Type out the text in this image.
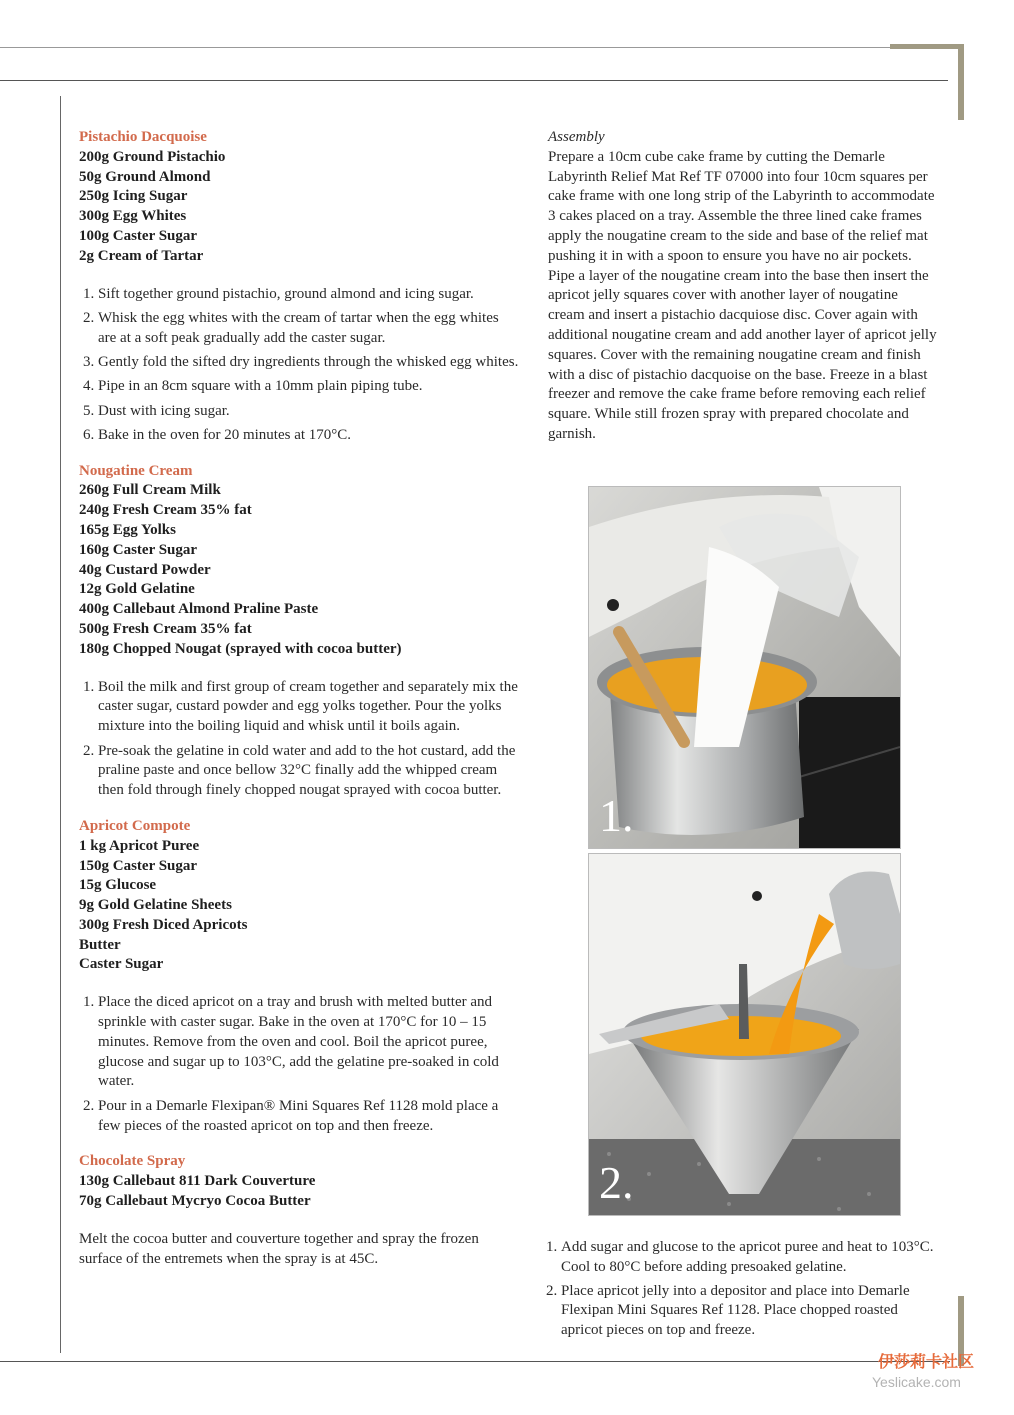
Pistachio Dacquoise

200g Ground Pistachio

50g Ground Almond

250g Icing Sugar

300g Egg Whites

100g Caster Sugar

2g Cream of Tartar

1. Sift together ground pistachio, ground almond and icing sugar.
2. Whisk the egg whites with the cream of tartar when the egg whites are at a soft peak gradually add the caster sugar.
3. Gently fold the sifted dry ingredients through the whisked egg whites.
4. Pipe in an 8cm square with a 10mm plain piping tube.
5. Dust with icing sugar.
6. Bake in the oven for 20 minutes at 170°C.

Nougatine Cream

260g Full Cream Milk

240g Fresh Cream 35% fat

165g Egg Yolks

160g Caster Sugar

40g Custard Powder

12g Gold Gelatine

400g Callebaut Almond Praline Paste

500g Fresh Cream 35% fat

180g Chopped Nougat (sprayed with cocoa butter)

1. Boil the milk and first group of cream together and separately mix the caster sugar, custard powder and egg yolks together. Pour the yolks mixture into the boiling liquid and whisk until it boils again.
2. Pre-soak the gelatine in cold water and add to the hot custard, add the praline paste and once bellow 32°C finally add the whipped cream then fold through finely chopped nougat sprayed with cocoa butter.

Apricot Compote

1 kg Apricot Puree

150g Caster Sugar

15g Glucose

9g Gold Gelatine Sheets

300g Fresh Diced Apricots

Butter

Caster Sugar

1. Place the diced apricot on a tray and brush with melted butter and sprinkle with caster sugar. Bake in the oven at 170°C for 10 – 15 minutes. Remove from the oven and cool. Boil the apricot puree, glucose and sugar up to 103°C, add the gelatine pre-soaked in cold water.
2. Pour in a Demarle Flexipan® Mini Squares Ref 1128 mold place a few pieces of the roasted apricot on top and then freeze.

Chocolate Spray

130g Callebaut 811 Dark Couverture

70g Callebaut Mycryo Cocoa Butter

Melt the cocoa butter and couverture together and spray the frozen surface of the entremets when the spray is at 45C.

Assembly

Prepare a 10cm cube cake frame by cutting the Demarle Labyrinth Relief Mat Ref TF 07000 into four 10cm squares per cake frame with one long strip of the Labyrinth to accommodate 3 cakes placed on a tray. Assemble the three lined cake frames apply the nougatine cream to the side and base of the relief mat pushing it in with a spoon to ensure you have no air pockets. Pipe a layer of the nougatine cream into the base then insert the apricot jelly squares cover with another layer of nougatine cream and insert a pistachio dacquiose disc. Cover again with additional nougatine cream and add another layer of apricot jelly squares. Cover with the remaining nougatine cream and finish with a disc of pistachio dacquoise on the base. Freeze in a blast freezer and remove the cake frame before removing each relief square. While still frozen spray with prepared chocolate and garnish.

1.
2.
1. Add sugar and glucose to the apricot puree and heat to 103°C. Cool to 80°C before adding presoaked gelatine.
2. Place apricot jelly into a depositor and place into Demarle Flexipan Mini Squares Ref 1128. Place chopped roasted apricot pieces on top and freeze.
伊莎莉卡社区
Yeslicake.com
